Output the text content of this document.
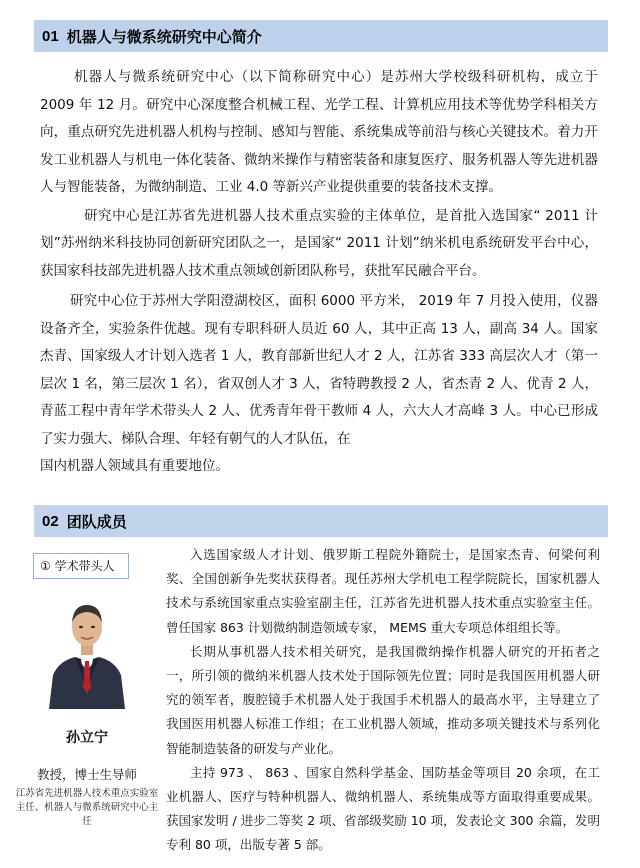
01 机器人与微系统研究中心简介

机器人与微系统研究中心（以下简称研究中心）是苏州大学校级科研机构，成立于 2009 年 12 月。研究中心深度整合机械工程、光学工程、计算机应用技术等优势学科相关方向，重点研究先进机器人机构与控制、感知与智能、系统集成等前沿与核心关键技术。着力开发工业机器人与机电一体化装备、微纳米操作与精密装备和康复医疗、服务机器人等先进机器人与智能装备，为微纳制造、工业 4.0 等新兴产业提供重要的装备技术支撑。

研究中心是江苏省先进机器人技术重点实验的主体单位，是首批入选国家“ 2011 计划”苏州纳米科技协同创新研究团队之一，是国家“ 2011 计划”纳米机电系统研发平台中心，获国家科技部先进机器人技术重点领域创新团队称号，获批军民融合平台。

研究中心位于苏州大学阳澄湖校区，面积 6000 平方米， 2019 年 7 月投入使用，仪器设备齐全，实验条件优越。现有专职科研人员近 60 人，其中正高 13 人，副高 34 人。国家杰青、国家级人才计划入选者 1 人，教育部新世纪人才 2 人，江苏省 333 高层次人才（第一层次 1 名，第三层次 1 名），省双创人才 3 人，省特聘教授 2 人，省杰青 2 人、优青 2 人，青蓝工程中青年学术带头人 2 人、优秀青年骨干教师 4 人，六大人才高峰 3 人。中心已形成了实力强大、梯队合理、年轻有朝气的人才队伍，在

国内机器人领域具有重要地位。
02 团队成员
① 学术带头人
孙立宁
教授，博士生导师
江苏省先进机器人技术重点实验室主任、机器人与微系统研究中心主任

入选国家级人才计划、俄罗斯工程院外籍院士，是国家杰青、何梁何利奖、全国创新争先奖状获得者。现任苏州大学机电工程学院院长，国家机器人技术与系统国家重点实验室副主任，江苏省先进机器人技术重点实验室主任。曾任国家 863 计划微纳制造领域专家， MEMS 重大专项总体组组长等。

长期从事机器人技术相关研究，是我国微纳操作机器人研究的开拓者之一，所引领的微纳米机器人技术处于国际领先位置；同时是我国医用机器人研究的领军者，腹腔镜手术机器人处于我国手术机器人的最高水平，主导建立了我国医用机器人标准工作组；在工业机器人领域，推动多项关键技术与系列化智能制造装备的研发与产业化。

主持 973 、 863 、国家自然科学基金、国防基金等项目 20 余项，在工业机器人、医疗与特种机器人、微纳机器人、系统集成等方面取得重要成果。获国家发明 / 进步二等奖 2 项、省部级奖励 10 项，发表论文 300 余篇，发明专利 80 项，出版专著 5 部。
